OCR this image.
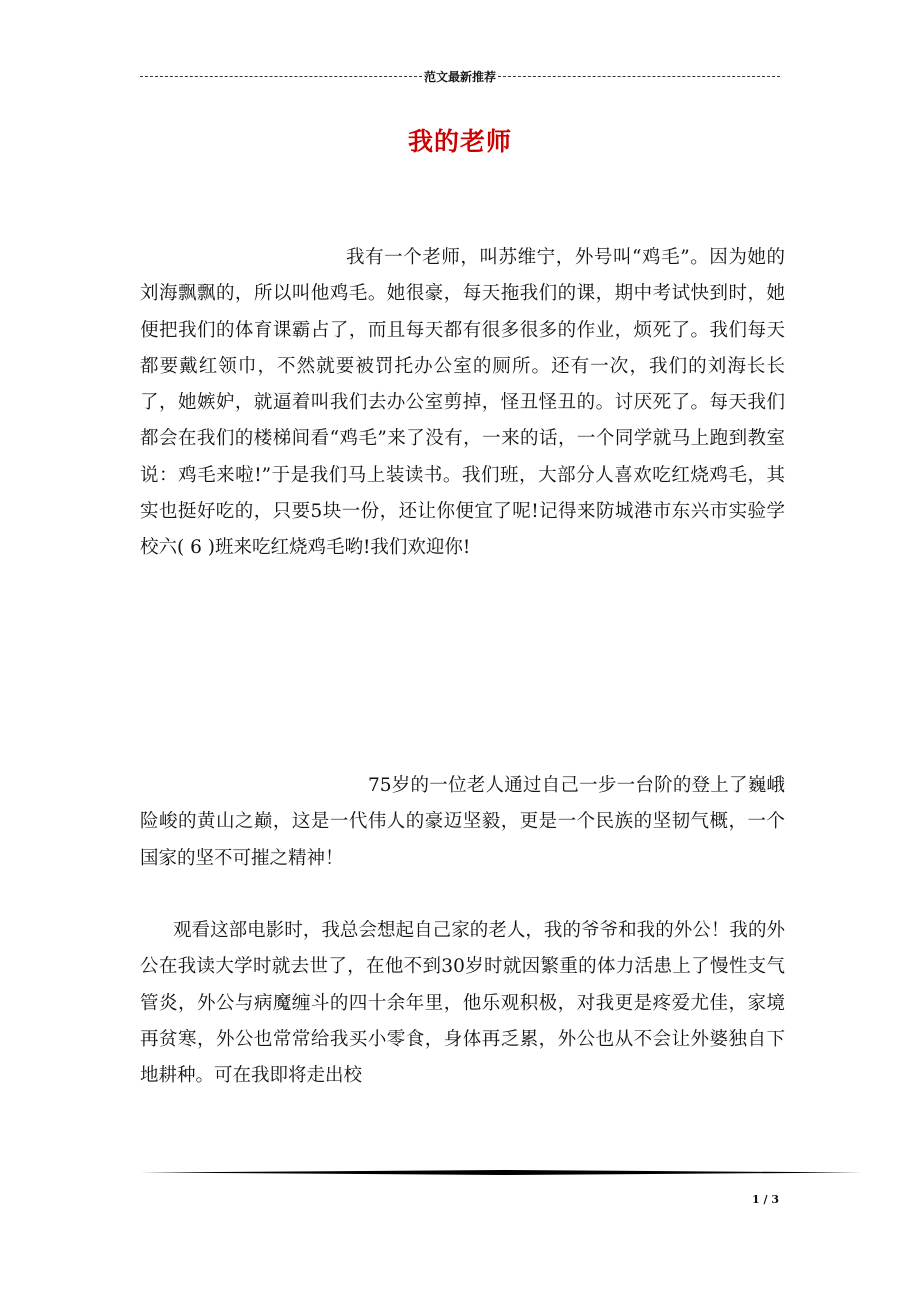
范文最新推荐
我的老师

我有一个老师，叫苏维宁，外号叫“鸡毛”。因为她的刘海飘飘的，所以叫他鸡毛。她很豪，每天拖我们的课，期中考试快到时，她便把我们的体育课霸占了，而且每天都有很多很多的作业，烦死了。我们每天都要戴红领巾，不然就要被罚托办公室的厕所。还有一次，我们的刘海长长了，她嫉妒，就逼着叫我们去办公室剪掉，怪丑怪丑的。讨厌死了。每天我们都会在我们的楼梯间看“鸡毛”来了没有，一来的话，一个同学就马上跑到教室说：鸡毛来啦!”于是我们马上装读书。我们班，大部分人喜欢吃红烧鸡毛，其实也挺好吃的，只要5块一份，还让你便宜了呢!记得来防城港市东兴市实验学校六( 6 )班来吃红烧鸡毛哟!我们欢迎你!

75岁的一位老人通过自己一步一台阶的登上了巍峨险峻的黄山之巅，这是一代伟人的豪迈坚毅，更是一个民族的坚韧气概，一个国家的坚不可摧之精神！

观看这部电影时，我总会想起自己家的老人，我的爷爷和我的外公！我的外公在我读大学时就去世了，在他不到30岁时就因繁重的体力活患上了慢性支气管炎，外公与病魔缠斗的四十余年里，他乐观积极，对我更是疼爱尤佳，家境再贫寒，外公也常常给我买小零食，身体再乏累，外公也从不会让外婆独自下地耕种。可在我即将走出校

1 / 3
